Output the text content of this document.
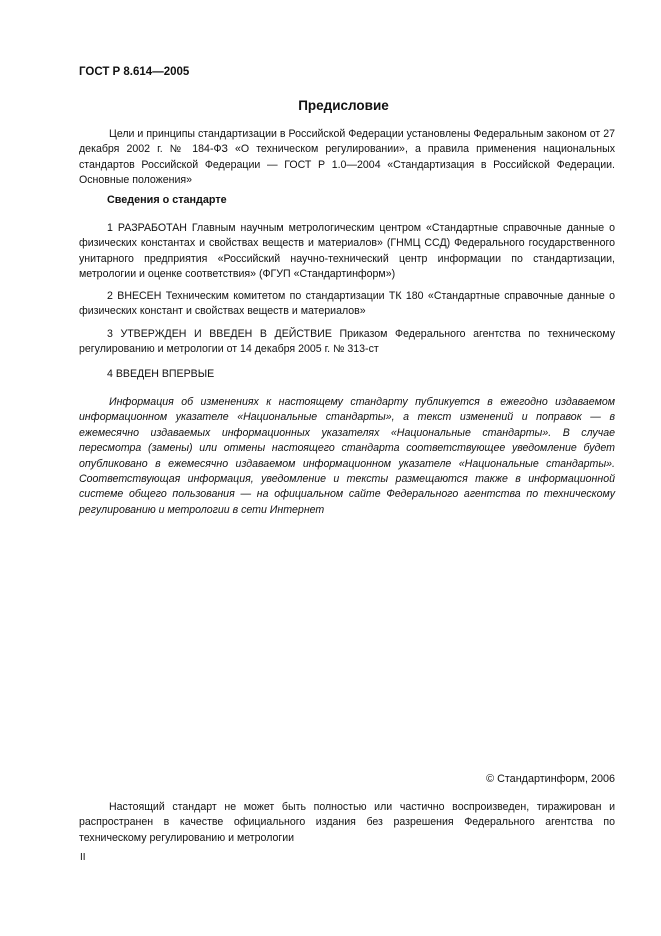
ГОСТ Р 8.614—2005
Предисловие
Цели и принципы стандартизации в Российской Федерации установлены Федеральным законом от 27 декабря 2002 г. № 184-ФЗ «О техническом регулировании», а правила применения национальных стандартов Российской Федерации — ГОСТ Р 1.0—2004 «Стандартизация в Российской Федерации. Основные положения»
Сведения о стандарте
1 РАЗРАБОТАН Главным научным метрологическим центром «Стандартные справочные данные о физических константах и свойствах веществ и материалов» (ГНМЦ ССД) Федерального государственного унитарного предприятия «Российский научно-технический центр информации по стандартизации, метрологии и оценке соответствия» (ФГУП «Стандартинформ»)
2 ВНЕСЕН Техническим комитетом по стандартизации ТК 180 «Стандартные справочные данные о физических констант и свойствах веществ и материалов»
3 УТВЕРЖДЕН И ВВЕДЕН В ДЕЙСТВИЕ Приказом Федерального агентства по техническому регулированию и метрологии от 14 декабря 2005 г. № 313-ст
4 ВВЕДЕН ВПЕРВЫЕ
Информация об изменениях к настоящему стандарту публикуется в ежегодно издаваемом информационном указателе «Национальные стандарты», а текст изменений и поправок — в ежемесячно издаваемых информационных указателях «Национальные стандарты». В случае пересмотра (замены) или отмены настоящего стандарта соответствующее уведомление будет опубликовано в ежемесячно издаваемом информационном указателе «Национальные стандарты». Соответствующая информация, уведомление и тексты размещаются также в информационной системе общего пользования — на официальном сайте Федерального агентства по техническому регулированию и метрологии в сети Интернет
© Стандартинформ, 2006
Настоящий стандарт не может быть полностью или частично воспроизведен, тиражирован и распространен в качестве официального издания без разрешения Федерального агентства по техническому регулированию и метрологии
II
